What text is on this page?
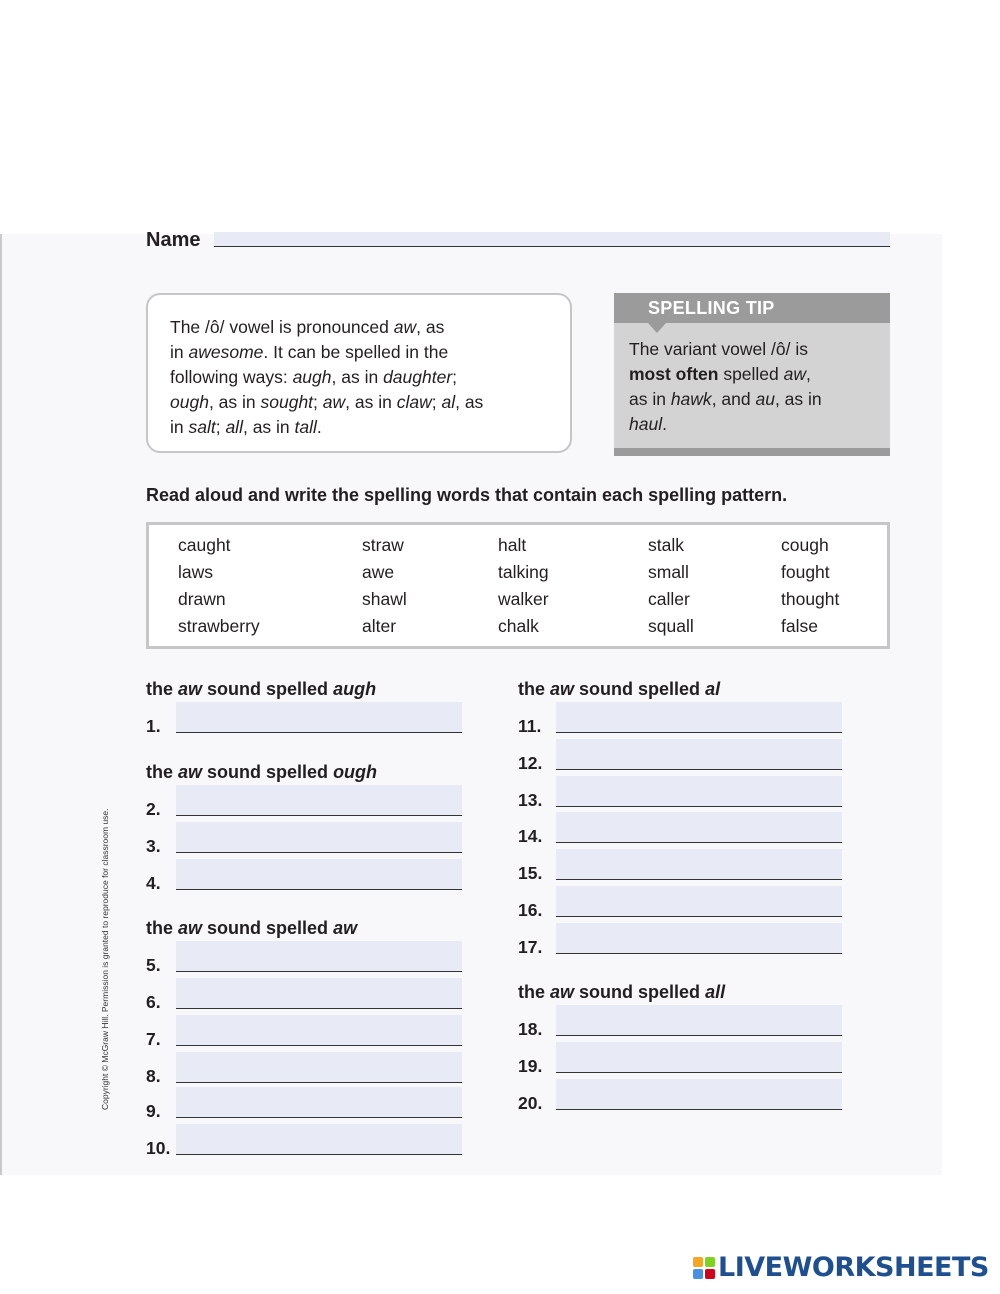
Name

The /ô/ vowel is pronounced aw, as

in awesome. It can be spelled in the

following ways: augh, as in daughter;

ough, as in sought; aw, as in claw; al, as

in salt; all, as in tall.

SPELLING TIP

The variant vowel /ô/ is

most often spelled aw,

as in hawk, and au, as in

haul.

Read aloud and write the spelling words that contain each spelling pattern.
caught
laws
drawn
strawberry
straw
awe
shawl
alter
halt
talking
walker
chalk
stalk
small
caller
squall
cough
fought
thought
false
the aw sound spelled augh
the aw sound spelled ough
the aw sound spelled aw
the aw sound spelled al
the aw sound spelled all
1.
2.
3.
4.
5.
6.
7.
8.
9.
10.
11.
12.
13.
14.
15.
16.
17.
18.
19.
20.
Copyright © McGraw Hill. Permission is granted to reproduce for classroom use.
LIVEWORKSHEETS
